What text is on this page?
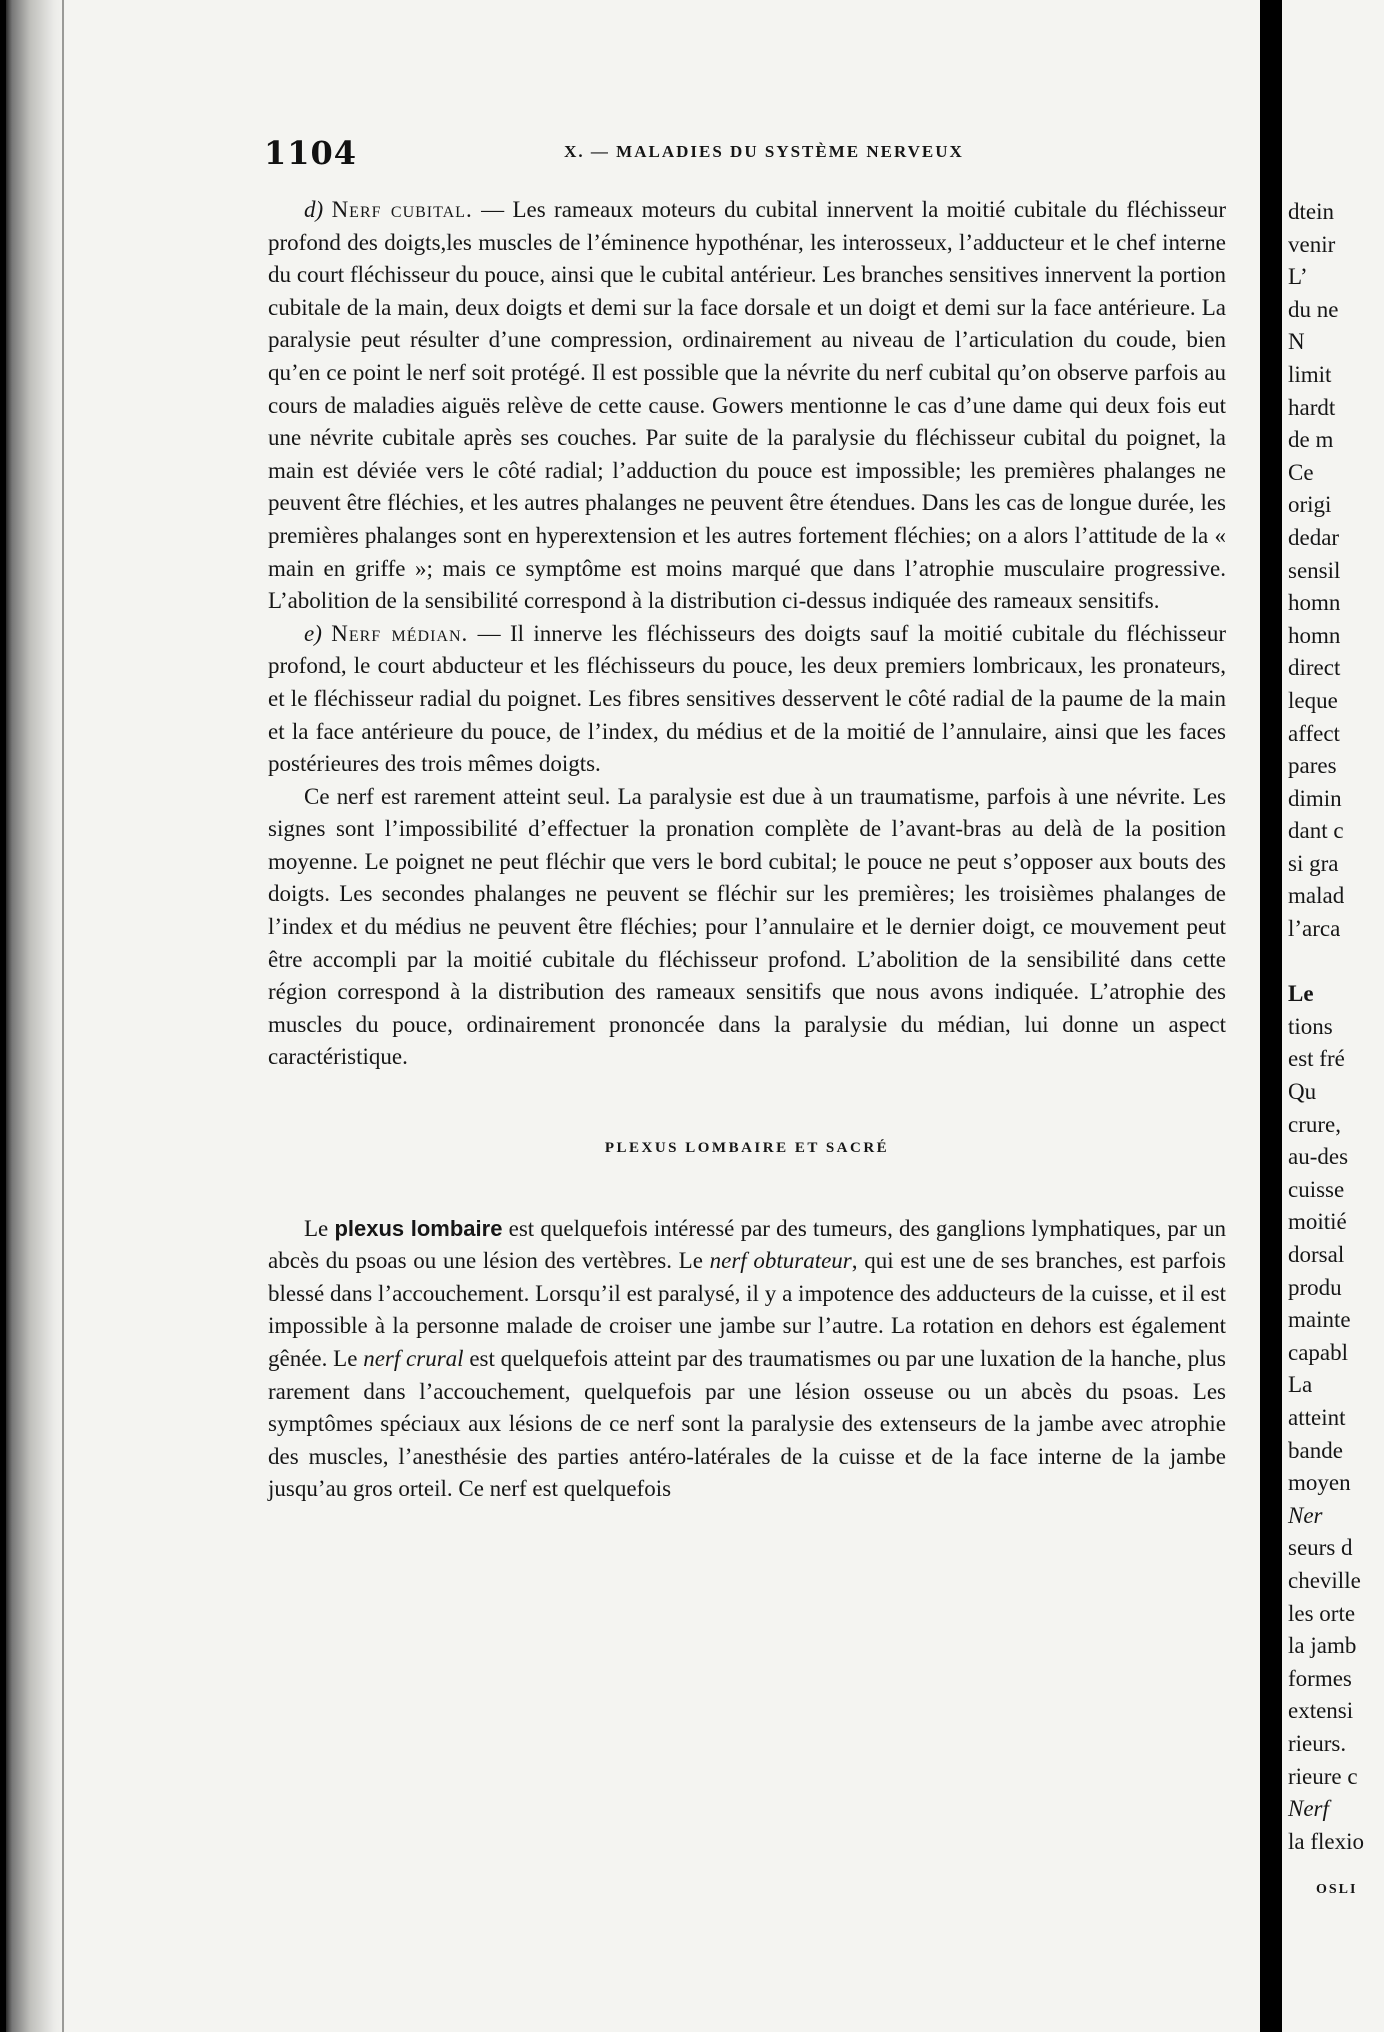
1104	X. — MALADIES DU SYSTÈME NERVEUX

d) Nerf cubital. — Les rameaux moteurs du cubital innervent la moitié cubitale du fléchisseur profond des doigts,les muscles de l’éminence hypothénar, les interosseux, l’adducteur et le chef interne du court fléchisseur du pouce, ainsi que le cubital antérieur. Les branches sensitives innervent la portion cubitale de la main, deux doigts et demi sur la face dorsale et un doigt et demi sur la face antérieure. La paralysie peut résulter d’une compression, ordinairement au niveau de l’articulation du coude, bien qu’en ce point le nerf soit protégé. Il est possible que la névrite du nerf cubital qu’on observe parfois au cours de maladies aiguës relève de cette cause. Gowers mentionne le cas d’une dame qui deux fois eut une névrite cubitale après ses couches. Par suite de la paralysie du fléchisseur cubital du poignet, la main est déviée vers le côté radial; l’adduction du pouce est impossible; les premières phalanges ne peuvent être fléchies, et les autres phalanges ne peuvent être étendues. Dans les cas de longue durée, les premières phalanges sont en hyperextension et les autres fortement fléchies; on a alors l’attitude de la « main en griffe »; mais ce symptôme est moins marqué que dans l’atrophie musculaire progressive. L’abolition de la sensibilité correspond à la distribution ci-dessus indiquée des rameaux sensitifs.

e) Nerf médian. — Il innerve les fléchisseurs des doigts sauf la moitié cubitale du fléchisseur profond, le court abducteur et les fléchisseurs du pouce, les deux premiers lombricaux, les pronateurs, et le fléchisseur radial du poignet. Les fibres sensitives desservent le côté radial de la paume de la main et la face antérieure du pouce, de l’index, du médius et de la moitié de l’annulaire, ainsi que les faces postérieures des trois mêmes doigts.

Ce nerf est rarement atteint seul. La paralysie est due à un traumatisme, parfois à une névrite. Les signes sont l’impossibilité d’effectuer la pronation complète de l’avant-bras au delà de la position moyenne. Le poignet ne peut fléchir que vers le bord cubital; le pouce ne peut s’opposer aux bouts des doigts. Les secondes phalanges ne peuvent se fléchir sur les premières; les troisièmes phalanges de l’index et du médius ne peuvent être fléchies; pour l’annulaire et le dernier doigt, ce mouvement peut être accompli par la moitié cubitale du fléchisseur profond. L’abolition de la sensibilité dans cette région correspond à la distribution des rameaux sensitifs que nous avons indiquée. L’atrophie des muscles du pouce, ordinairement prononcée dans la paralysie du médian, lui donne un aspect caractéristique.

PLEXUS LOMBAIRE ET SACRÉ

Le plexus lombaire est quelquefois intéressé par des tumeurs, des ganglions lymphatiques, par un abcès du psoas ou une lésion des vertèbres. Le nerf obturateur, qui est une de ses branches, est parfois blessé dans l’accouchement. Lorsqu’il est paralysé, il y a impotence des adducteurs de la cuisse, et il est impossible à la personne malade de croiser une jambe sur l’autre. La rotation en dehors est également gênée. Le nerf crural est quelquefois atteint par des traumatismes ou par une luxation de la hanche, plus rarement dans l’accouchement, quelquefois par une lésion osseuse ou un abcès du psoas. Les symptômes spéciaux aux lésions de ce nerf sont la paralysie des extenseurs de la jambe avec atrophie des muscles, l’anesthésie des parties antéro-latérales de la cuisse et de la face interne de la jambe jusqu’au gros orteil. Ce nerf est quelquefois

dtein
venir
L’
du ne
N
limit
hardt
de m
Ce
origi
dedar
sensil
homn
homn
direct
leque
affect
pares
dimin
dant c
si gra
malad
l’arca
Le
tions
est fré
Qu
crure,
au-des
cuisse
moitié
dorsal
produ
mainte
capabl
La
atteint
bande
moyen
Ner
seurs d
cheville
les orte
la jamb
formes
extensi
rieurs.
rieure c
Nerf
la flexio
OSLI
